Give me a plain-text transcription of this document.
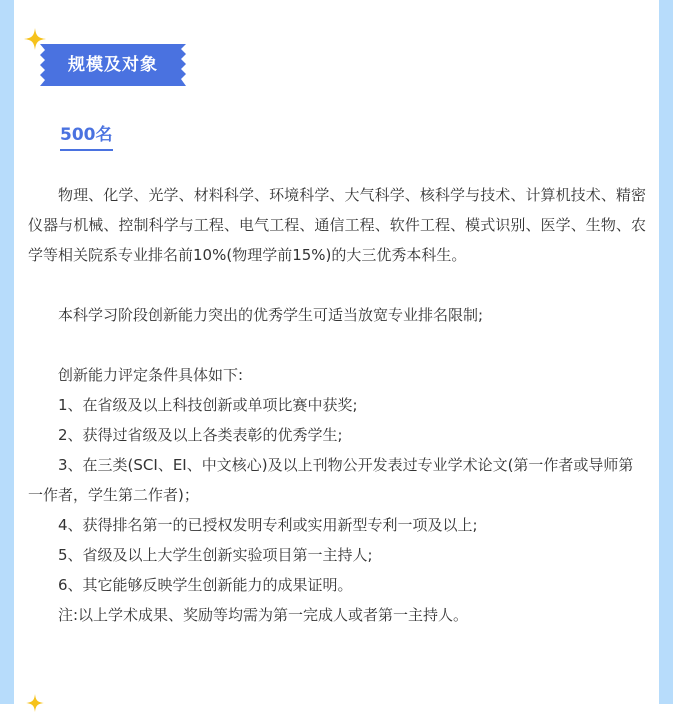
规模及对象
500名

物理、化学、光学、材料科学、环境科学、大气科学、核科学与技术、计算机技术、精密仪器与机械、控制科学与工程、电气工程、通信工程、软件工程、模式识别、医学、生物、农学等相关院系专业排名前10%(物理学前15%)的大三优秀本科生。

本科学习阶段创新能力突出的优秀学生可适当放宽专业排名限制;

创新能力评定条件具体如下:

1、在省级及以上科技创新或单项比赛中获奖;

2、获得过省级及以上各类表彰的优秀学生;

3、在三类(SCI、EI、中文核心)及以上刊物公开发表过专业学术论文(第一作者或导师第一作者，学生第二作者)；

4、获得排名第一的已授权发明专利或实用新型专利一项及以上;

5、省级及以上大学生创新实验项目第一主持人;

6、其它能够反映学生创新能力的成果证明。

注:以上学术成果、奖励等均需为第一完成人或者第一主持人。
